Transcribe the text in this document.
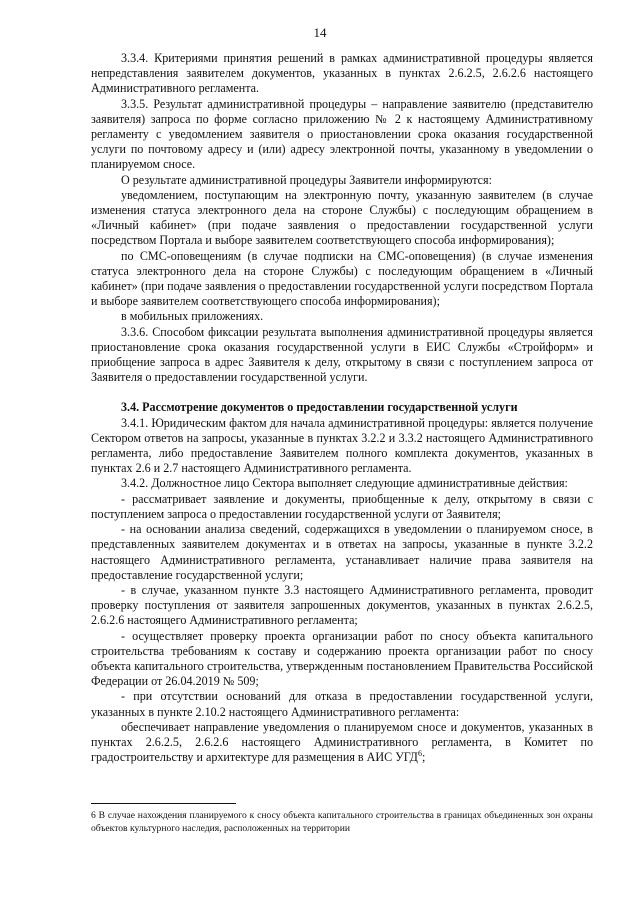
14

3.3.4. Критериями принятия решений в рамках административной процедуры является непредставления заявителем документов, указанных в пунктах 2.6.2.5, 2.6.2.6 настоящего Административного регламента.

3.3.5. Результат административной процедуры – направление заявителю (представителю заявителя) запроса по форме согласно приложению № 2 к настоящему Административному регламенту с уведомлением заявителя о приостановлении срока оказания государственной услуги по почтовому адресу и (или) адресу электронной почты, указанному в уведомлении о планируемом сносе.

О результате административной процедуры Заявители информируются:

уведомлением, поступающим на электронную почту, указанную заявителем (в случае изменения статуса электронного дела на стороне Службы) с последующим обращением в «Личный кабинет» (при подаче заявления о предоставлении государственной услуги посредством Портала и выборе заявителем соответствующего способа информирования);

по СМС-оповещениям (в случае подписки на СМС-оповещения) (в случае изменения статуса электронного дела на стороне Службы) с последующим обращением в «Личный кабинет» (при подаче заявления о предоставлении государственной услуги посредством Портала и выборе заявителем соответствующего способа информирования);

в мобильных приложениях.

3.3.6. Способом фиксации результата выполнения административной процедуры является приостановление срока оказания государственной услуги в ЕИС Службы «Стройформ» и приобщение запроса в адрес Заявителя к делу, открытому в связи с поступлением запроса от Заявителя о предоставлении государственной услуги.

3.4. Рассмотрение документов о предоставлении государственной услуги

3.4.1. Юридическим фактом для начала административной процедуры: является получение Сектором ответов на запросы, указанные в пунктах 3.2.2 и 3.3.2 настоящего Административного регламента, либо предоставление Заявителем полного комплекта документов, указанных в пунктах 2.6 и 2.7 настоящего Административного регламента.

3.4.2. Должностное лицо Сектора выполняет следующие административные действия:

- рассматривает заявление и документы, приобщенные к делу, открытому в связи с поступлением запроса о предоставлении государственной услуги от Заявителя;

- на основании анализа сведений, содержащихся в уведомлении о планируемом сносе, в представленных заявителем документах и в ответах на запросы, указанные в пункте 3.2.2 настоящего Административного регламента, устанавливает наличие права заявителя на предоставление государственной услуги;

- в случае, указанном пункте 3.3 настоящего Административного регламента, проводит проверку поступления от заявителя запрошенных документов, указанных в пунктах 2.6.2.5, 2.6.2.6 настоящего Административного регламента;

- осуществляет проверку проекта организации работ по сносу объекта капитального строительства требованиям к составу и содержанию проекта организации работ по сносу объекта капитального строительства, утвержденным постановлением Правительства Российской Федерации от 26.04.2019 № 509;

- при отсутствии оснований для отказа в предоставлении государственной услуги, указанных в пункте 2.10.2 настоящего Административного регламента:

обеспечивает направление уведомления о планируемом сносе и документов, указанных в пунктах 2.6.2.5, 2.6.2.6 настоящего Административного регламента, в Комитет по градостроительству и архитектуре для размещения в АИС УГД$^6$;

6 В случае нахождения планируемого к сносу объекта капитального строительства в границах объединенных зон охраны объектов культурного наследия, расположенных на территории
